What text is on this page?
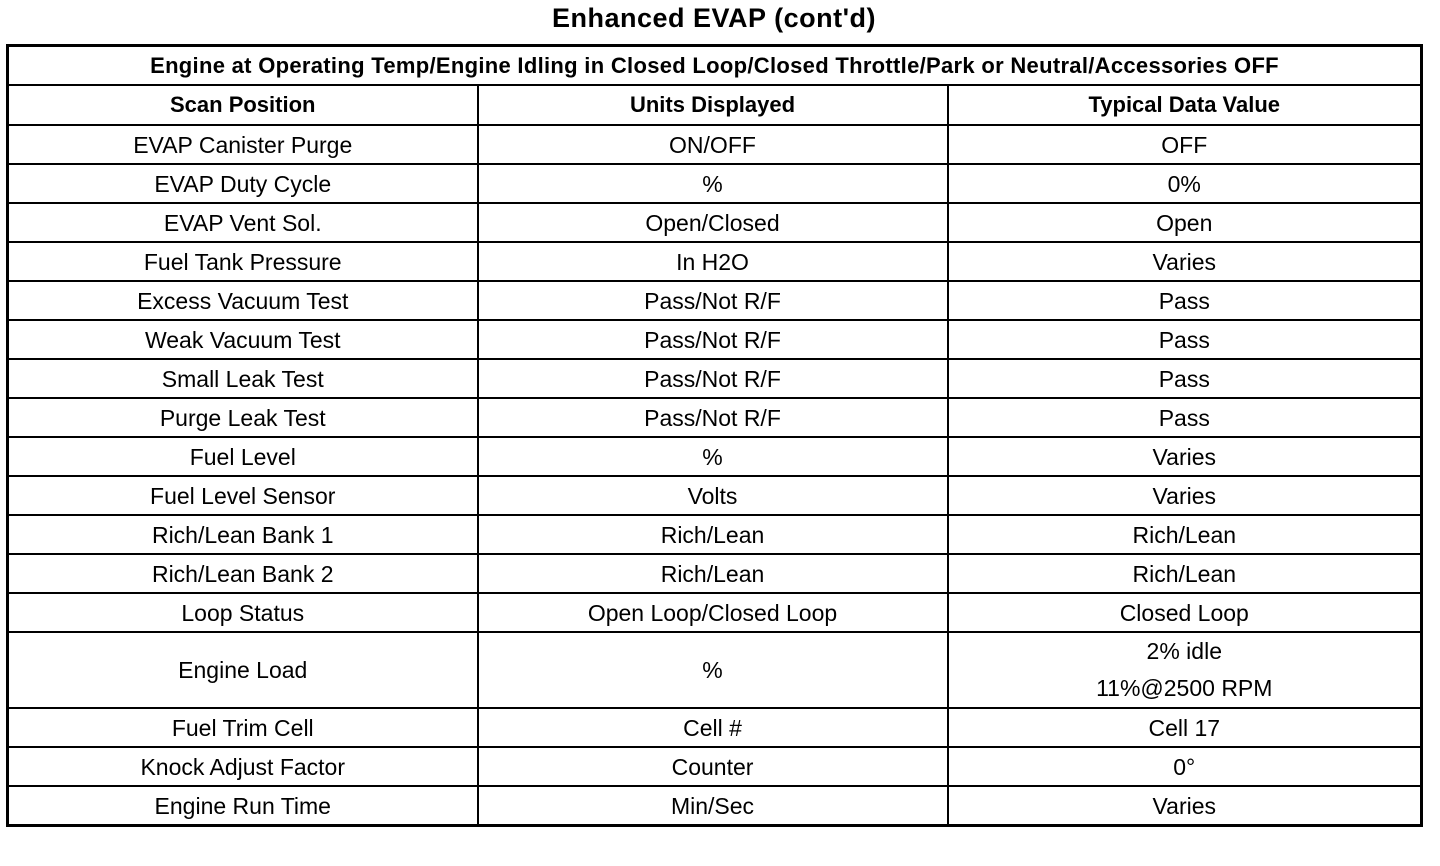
Enhanced EVAP (cont'd)
Engine at Operating Temp/Engine Idling in Closed Loop/Closed Throttle/Park or Neutral/Accessories OFF		
Scan Position	Units Displayed	Typical Data Value
EVAP Canister Purge	ON/OFF	OFF
EVAP Duty Cycle	%	0%
EVAP Vent Sol.	Open/Closed	Open
Fuel Tank Pressure	In H2O	Varies
Excess Vacuum Test	Pass/Not R/F	Pass
Weak Vacuum Test	Pass/Not R/F	Pass
Small Leak Test	Pass/Not R/F	Pass
Purge Leak Test	Pass/Not R/F	Pass
Fuel Level	%	Varies
Fuel Level Sensor	Volts	Varies
Rich/Lean Bank 1	Rich/Lean	Rich/Lean
Rich/Lean Bank 2	Rich/Lean	Rich/Lean
Loop Status	Open Loop/Closed Loop	Closed Loop
Engine Load	%	2% idle
11%@2500 RPM

Fuel Trim Cell	Cell #	Cell 17
Knock Adjust Factor	Counter	0°
Engine Run Time	Min/Sec	Varies
